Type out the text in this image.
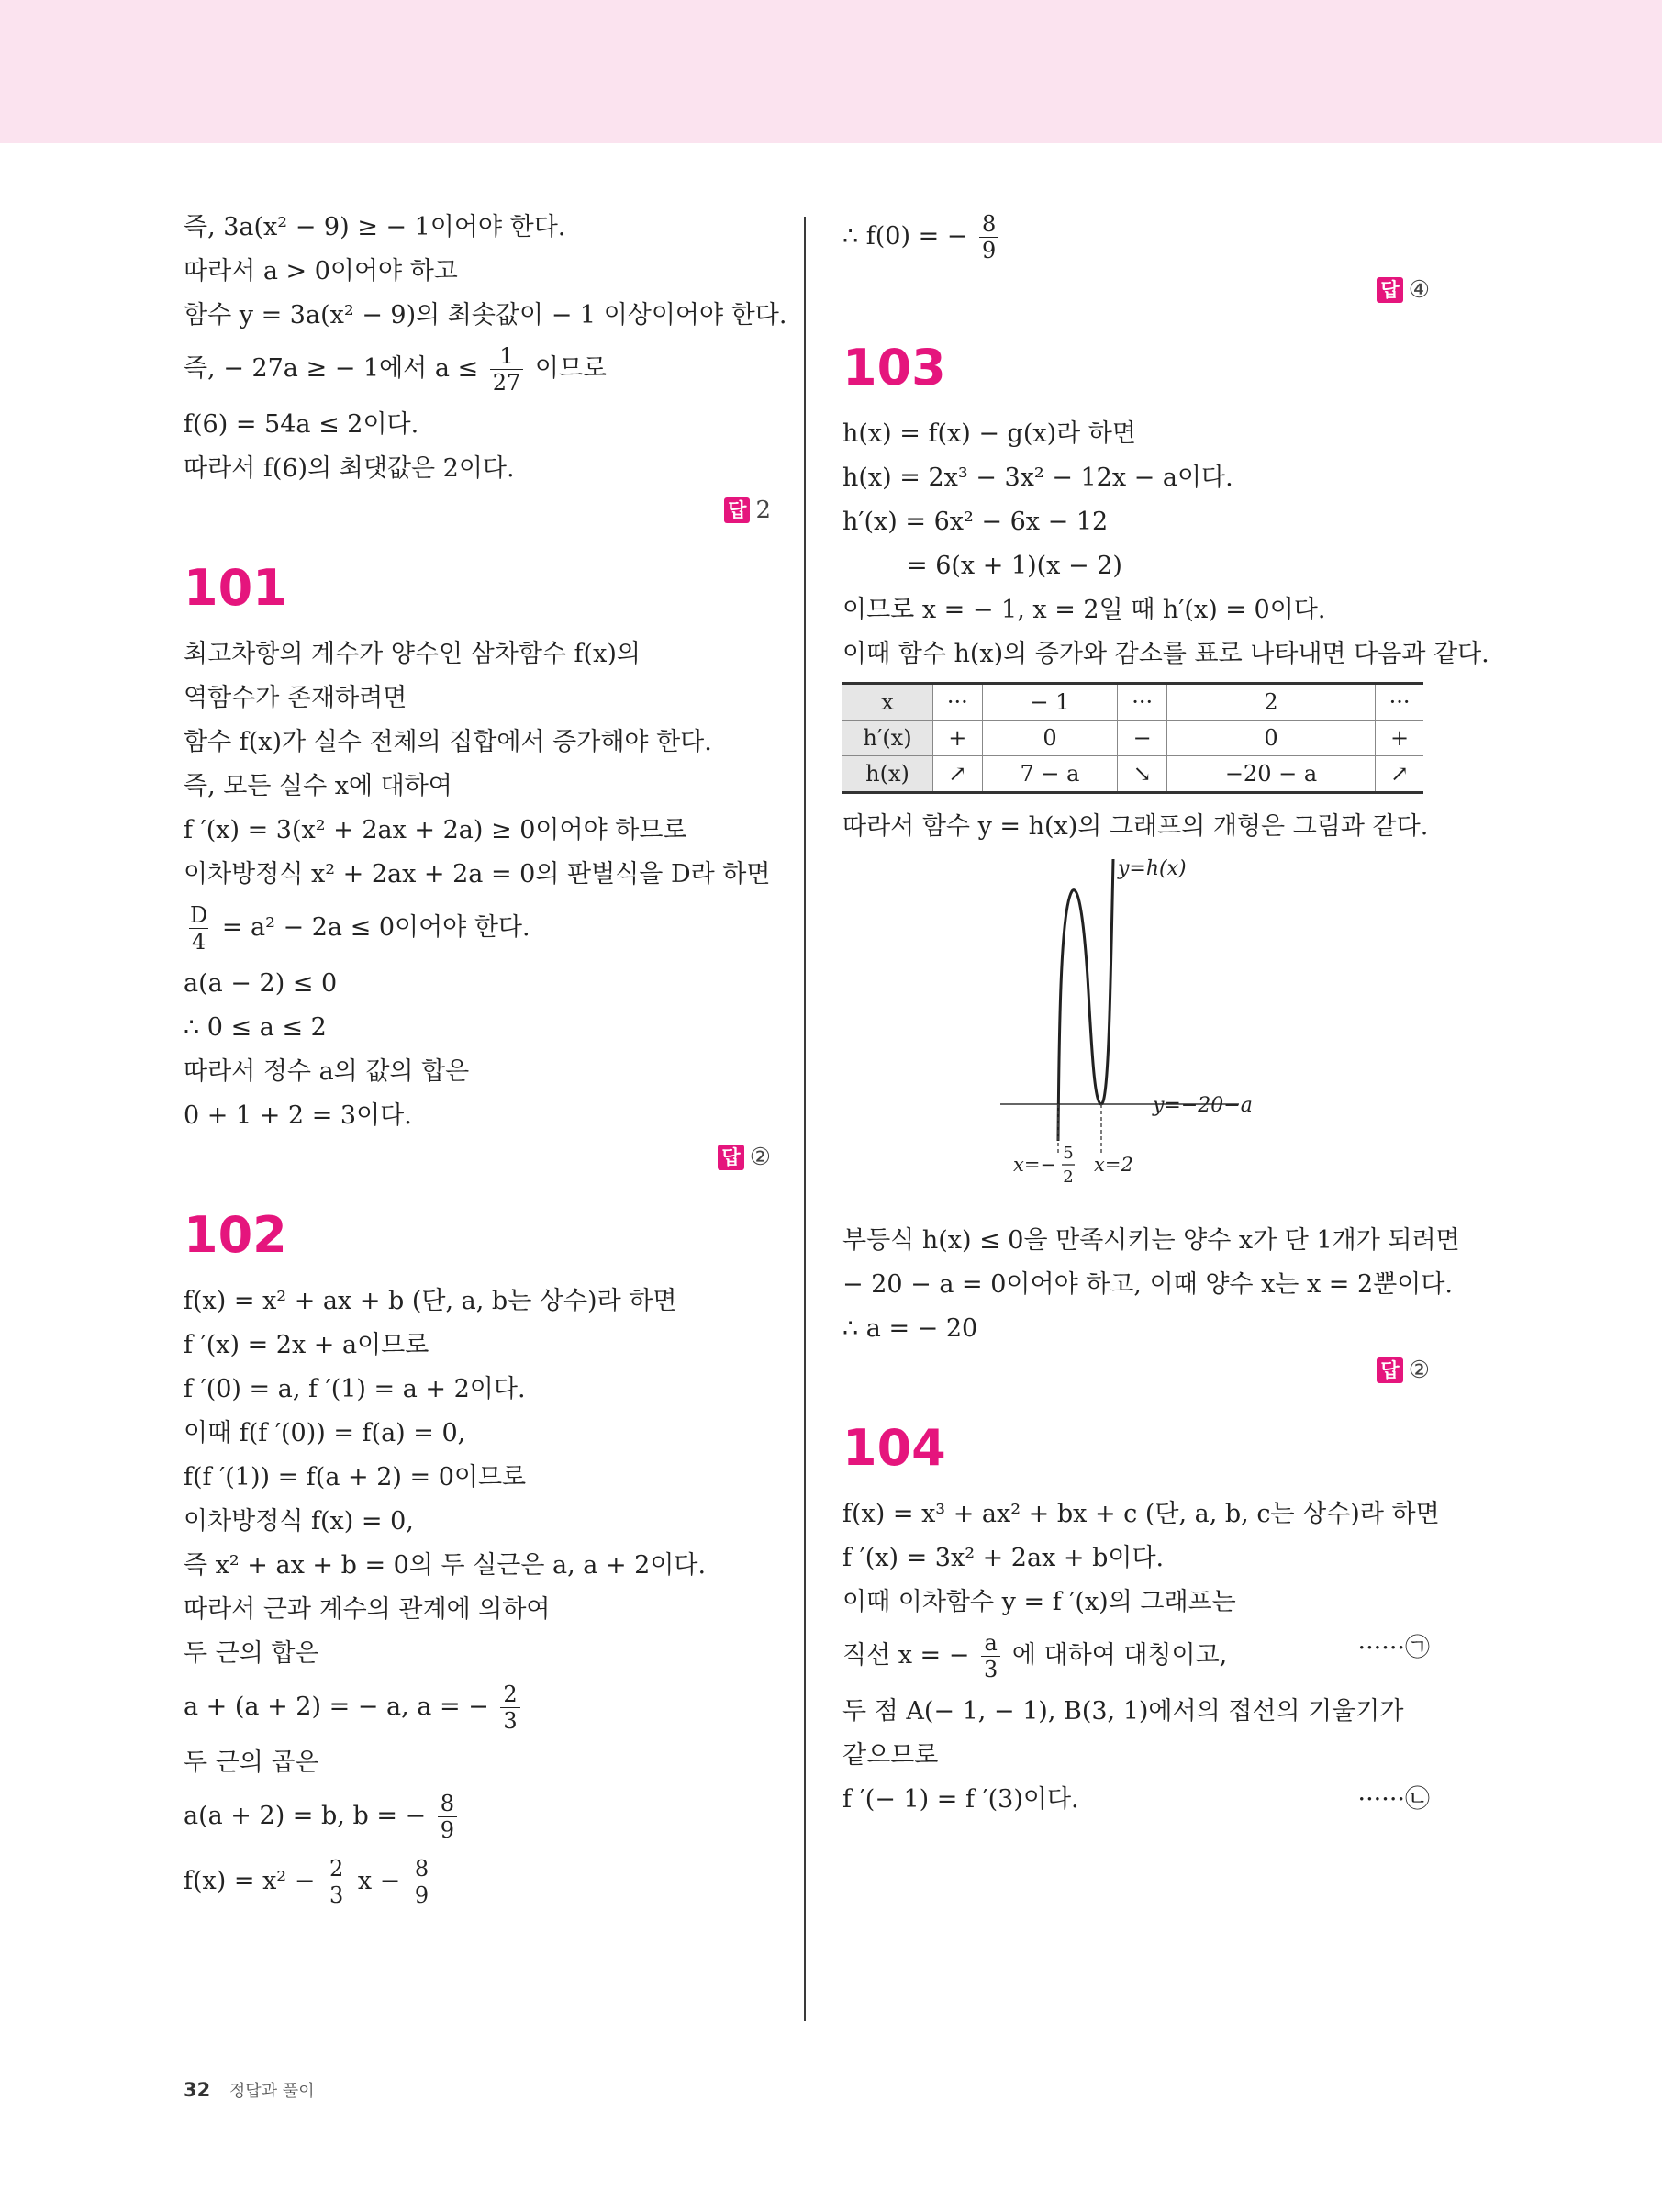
즉, 3a(x² − 9) ≥ − 1이어야 한다.
따라서 a > 0이어야 하고
함수 y = 3a(x² − 9)의 최솟값이 − 1 이상이어야 한다.
즉, − 27a ≥ − 1에서 $a \le \frac{1}{27}$ 이므로
f(6) = 54a ≤ 2이다.
따라서 f(6)의 최댓값은 2이다.
답 2
101
최고차항의 계수가 양수인 삼차함수 f(x)의
역함수가 존재하려면
함수 f(x)가 실수 전체의 집합에서 증가해야 한다.
즉, 모든 실수 x에 대하여
f ′(x) = 3(x² + 2ax + 2a) ≥ 0이어야 하므로
이차방정식 x² + 2ax + 2a = 0의 판별식을 D라 하면
$\frac{D}{4} = a^2 - 2a \le 0$이어야 한다.
a(a − 2) ≤ 0
∴ 0 ≤ a ≤ 2
따라서 정수 a의 값의 합은
0 + 1 + 2 = 3이다.
답 ②
102
f(x) = x² + ax + b (단, a, b는 상수)라 하면
f ′(x) = 2x + a이므로
f ′(0) = a, f ′(1) = a + 2이다.
이때 f(f ′(0)) = f(a) = 0,
f(f ′(1)) = f(a + 2) = 0이므로
이차방정식 f(x) = 0,
즉 x² + ax + b = 0의 두 실근은 a, a + 2이다.
따라서 근과 계수의 관계에 의하여
두 근의 합은
a + (a + 2) = − a, a = − $\frac{2}{3}$
두 근의 곱은
a(a + 2) = b, b = − $\frac{8}{9}$
$f(x) = x^2 - \frac{2}{3}$ $x - \frac{8}{9}$
∴ f(0) = − $\frac{8}{9}$
답 ④
103
h(x) = f(x) − g(x)라 하면
h(x) = 2x³ − 3x² − 12x − a이다.
h′(x) = 6x² − 6x − 12
= 6(x + 1)(x − 2)
이므로 x = − 1, x = 2일 때 h′(x) = 0이다.
이때 함수 h(x)의 증가와 감소를 표로 나타내면 다음과 같다.
x	···	− 1	···	2	···
h′(x)	+	0	−	0	+
h(x)	↗	7 − a	↘	−20 − a	↗
따라서 함수 y = h(x)의 그래프의 개형은 그림과 같다.
y=h(x)
y=−20−a
x=−
5
2
x=2
부등식 h(x) ≤ 0을 만족시키는 양수 x가 단 1개가 되려면
− 20 − a = 0이어야 하고, 이때 양수 x는 x = 2뿐이다.
∴ a = − 20
답 ②
104
f(x) = x³ + ax² + bx + c (단, a, b, c는 상수)라 하면
f ′(x) = 3x² + 2ax + b이다.
이때 이차함수 y = f ′(x)의 그래프는
직선 x = − $\frac{a}{3}$ 에 대하여 대칭이고,	······㉠
두 점 A(− 1, − 1), B(3, 1)에서의 접선의 기울기가
같으므로
f ′(− 1) = f ′(3)이다.	······㉡
32 정답과 풀이
